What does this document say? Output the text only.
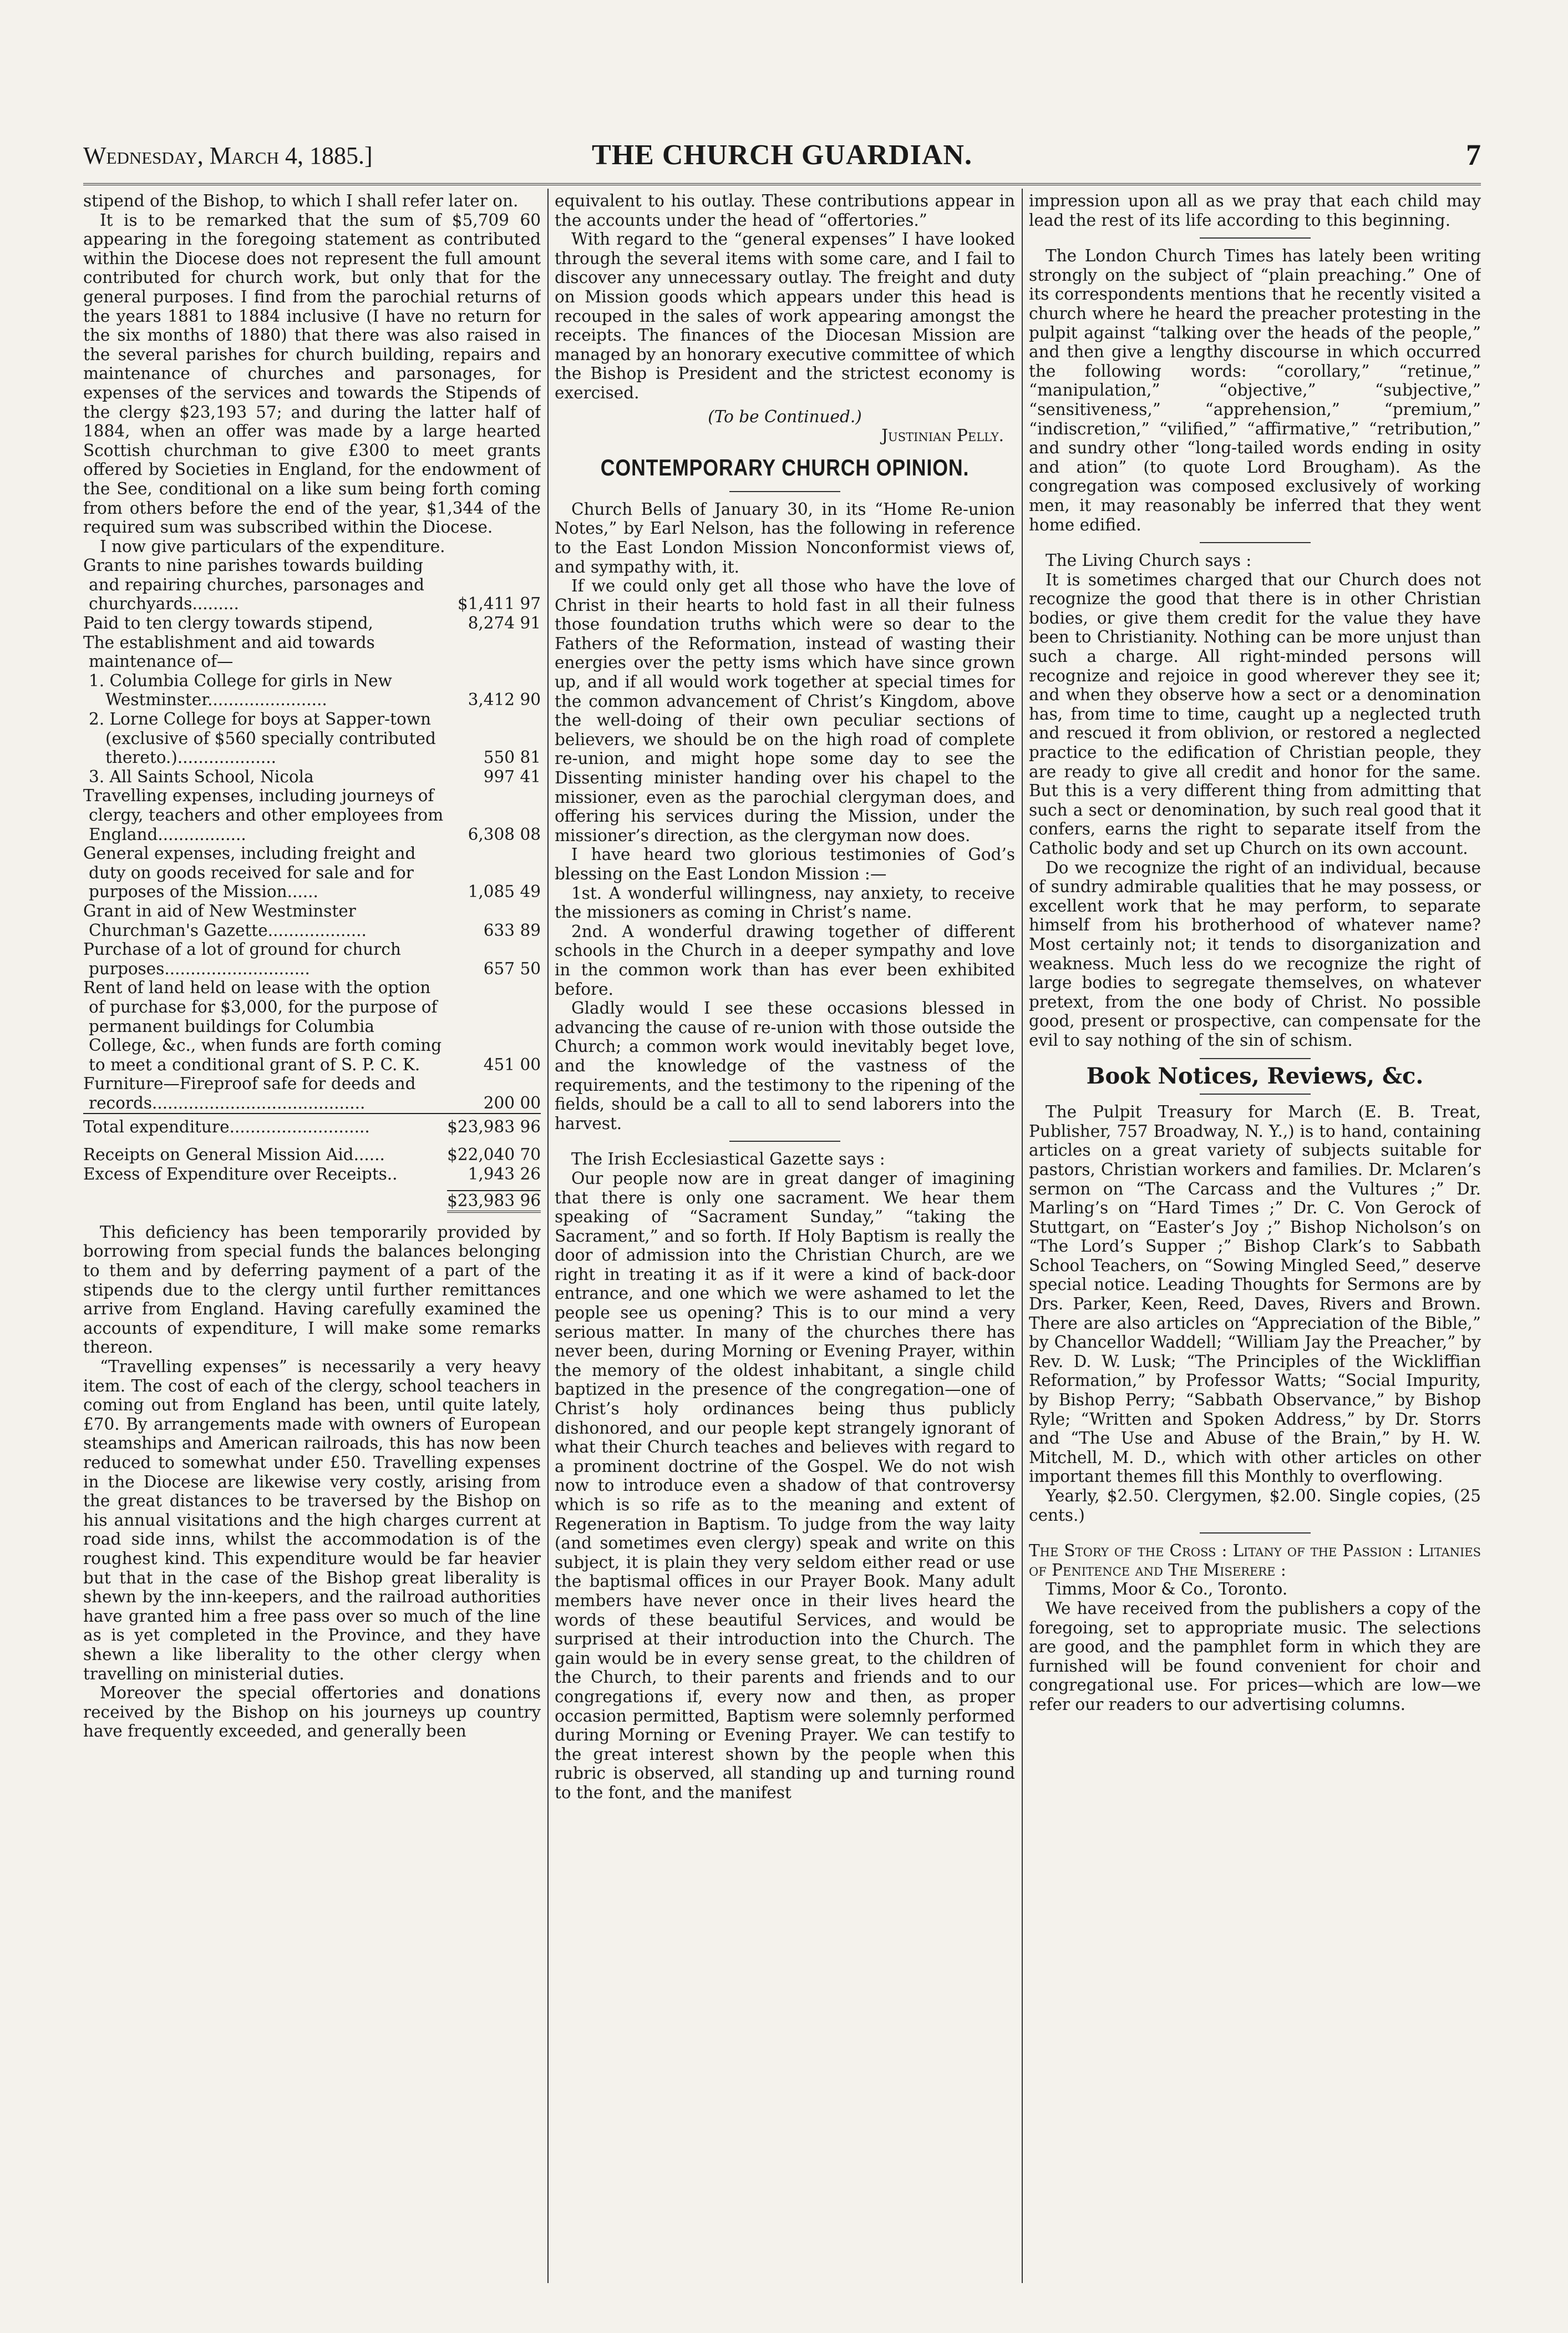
Wednesday, March 4, 1885.]	THE CHURCH GUARDIAN.	7

stipend of the Bishop, to which I shall refer later on.

It is to be remarked that the sum of $5,709 60 appearing in the foregoing statement as contributed within the Diocese does not represent the full amount contributed for church work, but only that for the general purposes. I find from the parochial returns of the years 1881 to 1884 inclusive (I have no return for the six months of 1880) that there was also raised in the several parishes for church building, repairs and maintenance of churches and parsonages, for expenses of the services and towards the Stipends of the clergy $23,193 57; and during the latter half of 1884, when an offer was made by a large hearted Scottish churchman to give £300 to meet grants offered by Societies in England, for the endowment of the See, conditional on a like sum being forth coming from others before the end of the year, $1,344 of the required sum was subscribed within the Diocese.

I now give particulars of the expenditure.

Grants to nine parishes towards building and repairing churches, parsonages and churchyards.........	$1,411 97
Paid to ten clergy towards stipend,	8,274 91
The establishment and aid towards maintenance of—	
1. Columbia College for girls in New Westminster.......................	3,412 90
2. Lorne College for boys at Sapper-town (exclusive of $560 specially contributed thereto.)...................	550 81
3. All Saints School, Nicola	997 41
Travelling expenses, including journeys of clergy, teachers and other employees from England.................	6,308 08
General expenses, including freight and duty on goods received for sale and for purposes of the Mission......	1,085 49
Grant in aid of New Westminster Churchman's Gazette...................	633 89
Purchase of a lot of ground for church purposes............................	657 50
Rent of land held on lease with the option of purchase for $3,000, for the purpose of permanent buildings for Columbia College, &c., when funds are forth coming to meet a conditional grant of S. P. C. K.	451 00
Furniture—Fireproof safe for deeds and records.........................................	200 00
Total expenditure...........................	$23,983 96

Receipts on General Mission Aid......	$22,040 70
Excess of Expenditure over Receipts..	1,943 26

	$23,983 96

This deficiency has been temporarily provided by borrowing from special funds the balances belonging to them and by deferring payment of a part of the stipends due to the clergy until further remittances arrive from England. Having carefully examined the accounts of expenditure, I will make some remarks thereon.

“Travelling expenses” is necessarily a very heavy item. The cost of each of the clergy, school teachers in coming out from England has been, until quite lately, £70. By arrangements made with owners of European steamships and American railroads, this has now been reduced to somewhat under £50. Travelling expenses in the Diocese are likewise very costly, arising from the great distances to be traversed by the Bishop on his annual visitations and the high charges current at road side inns, whilst the accommodation is of the roughest kind. This expenditure would be far heavier but that in the case of the Bishop great liberality is shewn by the inn-keepers, and the railroad authorities have granted him a free pass over so much of the line as is yet completed in the Province, and they have shewn a like liberality to the other clergy when travelling on ministerial duties.

Moreover the special offertories and donations received by the Bishop on his journeys up country have frequently exceeded, and generally been

equivalent to his outlay. These contributions appear in the accounts under the head of “offertories.”

With regard to the “general expenses” I have looked through the several items with some care, and I fail to discover any unnecessary outlay. The freight and duty on Mission goods which appears under this head is recouped in the sales of work appearing amongst the receipts. The finances of the Diocesan Mission are managed by an honorary executive committee of which the Bishop is President and the strictest economy is exercised.

(To be Continued.)

Justinian Pelly.

CONTEMPORARY CHURCH OPINION.

Church Bells of January 30, in its “Home Re-union Notes,” by Earl Nelson, has the following in reference to the East London Mission Nonconformist views of, and sympathy with, it.

If we could only get all those who have the love of Christ in their hearts to hold fast in all their fulness those foundation truths which were so dear to the Fathers of the Reformation, instead of wasting their energies over the petty isms which have since grown up, and if all would work together at special times for the common advancement of Christ’s Kingdom, above the well-doing of their own peculiar sections of believers, we should be on the high road of complete re-union, and might hope some day to see the Dissenting minister handing over his chapel to the missioner, even as the parochial clergyman does, and offering his services during the Mission, under the missioner’s direction, as the clergyman now does.

I have heard two glorious testimonies of God’s blessing on the East London Mission :—

1st. A wonderful willingness, nay anxiety, to receive the missioners as coming in Christ’s name.

2nd. A wonderful drawing together of different schools in the Church in a deeper sympathy and love in the common work than has ever been exhibited before.

Gladly would I see these occasions blessed in advancing the cause of re-union with those outside the Church; a common work would inevitably beget love, and the knowledge of the vastness of the requirements, and the testimony to the ripening of the fields, should be a call to all to send laborers into the harvest.

The Irish Ecclesiastical Gazette says :

Our people now are in great danger of imagining that there is only one sacrament. We hear them speaking of “Sacrament Sunday,” “taking the Sacrament,” and so forth. If Holy Baptism is really the door of admission into the Christian Church, are we right in treating it as if it were a kind of back-door entrance, and one which we were ashamed to let the people see us opening? This is to our mind a very serious matter. In many of the churches there has never been, during Morning or Evening Prayer, within the memory of the oldest inhabitant, a single child baptized in the presence of the congregation—one of Christ’s holy ordinances being thus publicly dishonored, and our people kept strangely ignorant of what their Church teaches and believes with regard to a prominent doctrine of the Gospel. We do not wish now to introduce even a shadow of that controversy which is so rife as to the meaning and extent of Regeneration in Baptism. To judge from the way laity (and sometimes even clergy) speak and write on this subject, it is plain they very seldom either read or use the baptismal offices in our Prayer Book. Many adult members have never once in their lives heard the words of these beautiful Services, and would be surprised at their introduction into the Church. The gain would be in every sense great, to the children of the Church, to their parents and friends and to our congregations if, every now and then, as proper occasion permitted, Baptism were solemnly performed during Morning or Evening Prayer. We can testify to the great interest shown by the people when this rubric is observed, all standing up and turning round to the font, and the manifest

impression upon all as we pray that each child may lead the rest of its life according to this beginning.

The London Church Times has lately been writing strongly on the subject of “plain preaching.” One of its correspondents mentions that he recently visited a church where he heard the preacher protesting in the pulpit against “talking over the heads of the people,” and then give a lengthy discourse in which occurred the following words: “corollary,” “retinue,” “manipulation,” “objective,” “subjective,” “sensitiveness,” “apprehension,” “premium,” “indiscretion,” “vilified,” “affirmative,” “retribution,” and sundry other “long-tailed words ending in osity and ation” (to quote Lord Brougham). As the congregation was composed exclusively of working men, it may reasonably be inferred that they went home edified.

The Living Church says :

It is sometimes charged that our Church does not recognize the good that there is in other Christian bodies, or give them credit for the value they have been to Christianity. Nothing can be more unjust than such a charge. All right-minded persons will recognize and rejoice in good wherever they see it; and when they observe how a sect or a denomination has, from time to time, caught up a neglected truth and rescued it from oblivion, or restored a neglected practice to the edification of Christian people, they are ready to give all credit and honor for the same. But this is a very different thing from admitting that such a sect or denomination, by such real good that it confers, earns the right to separate itself from the Catholic body and set up Church on its own account.

Do we recognize the right of an individual, because of sundry admirable qualities that he may possess, or excellent work that he may perform, to separate himself from his brotherhood of whatever name? Most certainly not; it tends to disorganization and weakness. Much less do we recognize the right of large bodies to segregate themselves, on whatever pretext, from the one body of Christ. No possible good, present or prospective, can compensate for the evil to say nothing of the sin of schism.

Book Notices, Reviews, &c.

The Pulpit Treasury for March (E. B. Treat, Publisher, 757 Broadway, N. Y.,) is to hand, containing articles on a great variety of subjects suitable for pastors, Christian workers and families. Dr. Mclaren’s sermon on “The Carcass and the Vultures ;” Dr. Marling’s on “Hard Times ;” Dr. C. Von Gerock of Stuttgart, on “Easter’s Joy ;” Bishop Nicholson’s on “The Lord’s Supper ;” Bishop Clark’s to Sabbath School Teachers, on “Sowing Mingled Seed,” deserve special notice. Leading Thoughts for Sermons are by Drs. Parker, Keen, Reed, Daves, Rivers and Brown. There are also articles on “Appreciation of the Bible,” by Chancellor Waddell; “William Jay the Preacher,” by Rev. D. W. Lusk; “The Principles of the Wickliffian Reformation,” by Professor Watts; “Social Impurity, by Bishop Perry; “Sabbath Observance,” by Bishop Ryle; “Written and Spoken Address,” by Dr. Storrs and “The Use and Abuse of the Brain,” by H. W. Mitchell, M. D., which with other articles on other important themes fill this Monthly to overflowing.

Yearly, $2.50. Clergymen, $2.00. Single copies, (25 cents.)

The Story of the Cross : Litany of the Passion : Litanies of Penitence and The Miserere :

Timms, Moor & Co., Toronto.

We have received from the publishers a copy of the foregoing, set to appropriate music. The selections are good, and the pamphlet form in which they are furnished will be found convenient for choir and congregational use. For prices—which are low—we refer our readers to our advertising columns.
